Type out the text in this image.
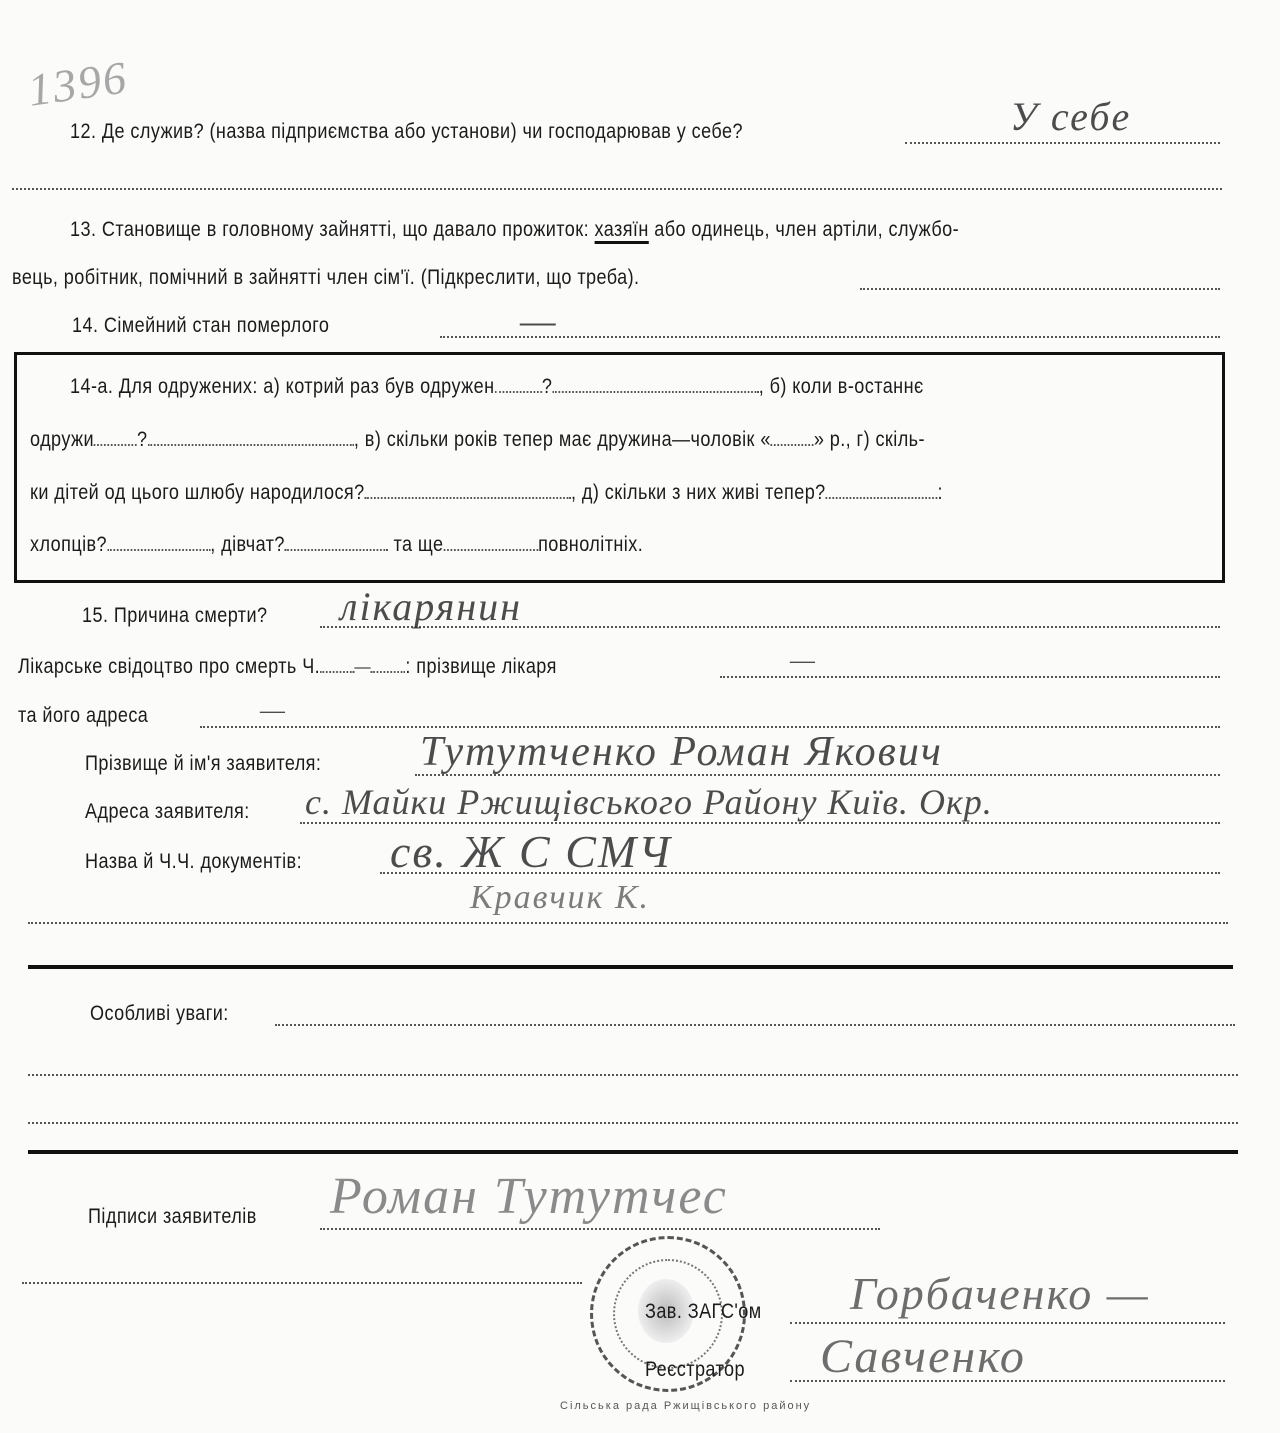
1396
12. Де служив? (назва підприємства або установи) чи господарював у себе?	У себе
13. Становище в головному зайнятті, що давало прожиток: хазяїн або одинець, член артіли, службо-
вець, робітник, помічний в зайнятті член сім'ї. (Підкреслити, що треба).
14. Сімейний стан померлого	—
14-а. Для одружених: а) котрий раз був одружен ?	, б) коли в-останнє
одружи ?	, в) скільки років тепер має дружина—чоловік « » р., г) скіль-
ки дітей од цього шлюбу народилося?	, д) скільки з них живі тепер?	:
хлопців?	, дівчат?	та ще	повнолітніх.
15. Причина смерти? лікарянин
Лікарське свідоцтво про смерть Ч. — : прізвище лікаря	—
та його адреса	—
Прізвище й ім'я заявителя: Тутутченко Роман Якович
Адреса заявителя: с. Майки Ржищівського Району Київ. Окр.
Назва й Ч.Ч. документів: св. Ж С СМЧ
Кравчик К.
Особливі уваги:
Підписи заявителів Роман Тутутчес
Сільська рада Ржищівського району
Зав. ЗАГС'ом Горбаченко —
Реєстратор Савченко
